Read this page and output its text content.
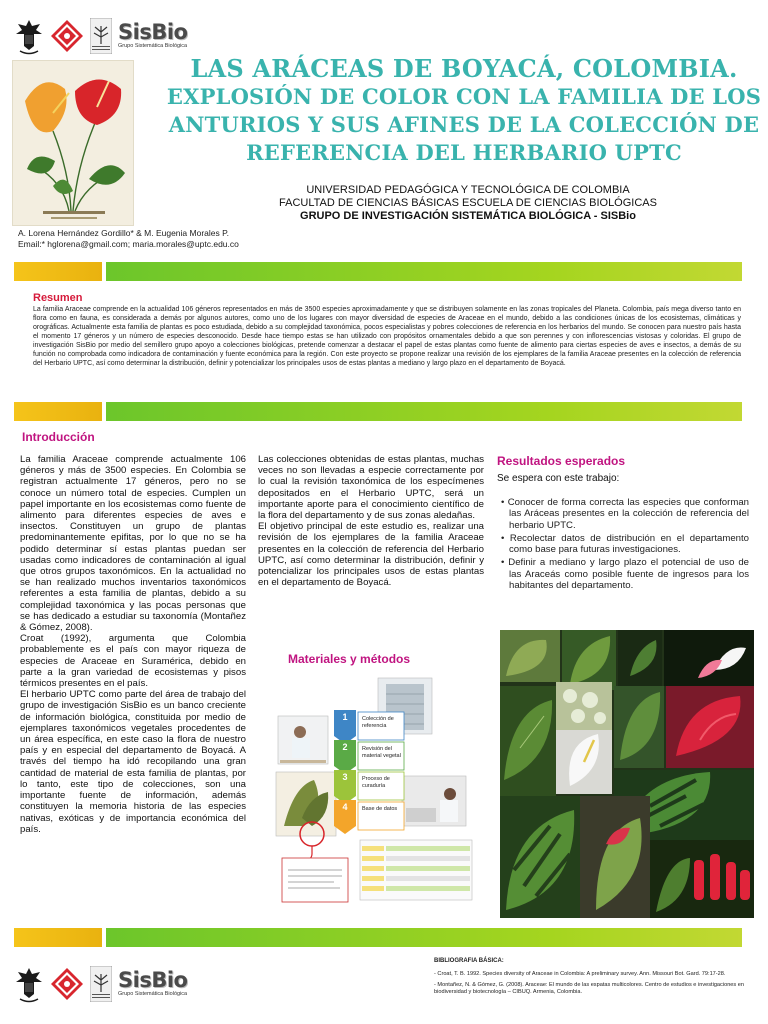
SisBio
Grupo Sistemática Biológica
LAS ARÁCEAS DE BOYACÁ, COLOMBIA.
EXPLOSIÓN DE COLOR CON LA FAMILIA DE LOS
ANTURIOS Y SUS AFINES DE LA COLECCIÓN DE
REFERENCIA DEL HERBARIO UPTC
UNIVERSIDAD PEDAGÓGICA Y TECNOLÓGICA DE COLOMBIA
FACULTAD DE CIENCIAS BÁSICAS ESCUELA DE CIENCIAS BIOLÓGICAS
GRUPO DE INVESTIGACIÓN SISTEMÁTICA BIOLÓGICA - SISBio
A. Lorena Hernández Gordillo* & M. Eugenia Morales P.
Email:* hglorena@gmail.com; maria.morales@uptc.edu.co
Resumen
La familia Araceae comprende en la actualidad 106 géneros representados en más de 3500 especies aproximadamente y que se distribuyen solamente en las zonas tropicales del Planeta. Colombia, país mega diverso tanto en flora como en fauna, es considerada a demás por algunos autores, como uno de los lugares con mayor diversidad de especies de Araceae en el mundo, debido a las condiciones únicas de los ecosistemas, climáticas y orográficas. Actualmente esta familia de plantas es poco estudiada, debido a su complejidad taxonómica, pocos especialistas y pobres colecciones de referencia en los herbarios del mundo. Se conocen para nuestro país hasta el momento 17 géneros y un número de especies desconocido. Desde hace tiempo estas se han utilizado con propósitos ornamentales debido a que son perennes y con inflorescencias vistosas y coloridas. El grupo de investigación SisBio por medio del semillero grupo apoyo a colecciones biológicas, pretende comenzar a destacar el papel de estas plantas como fuente de alimento para ciertas especies de aves e insectos, a demás de su función no comprobada como indicadora de contaminación y fuente económica para la región. Con este proyecto se propone realizar una revisión de los ejemplares de la familia Araceae presentes en la colección de referencia del Herbario UPTC, así como determinar la distribución, definir y potencializar los principales usos de estas plantas a mediano y largo plazo en el departamento de Boyacá.
Introducción

La familia Araceae comprende actualmente 106 géneros y más de 3500 especies. En Colombia se registran actualmente 17 géneros, pero no se conoce un número total de especies. Cumplen un papel importante en los ecosistemas como fuente de alimento para diferentes especies de aves e insectos. Constituyen un grupo de plantas predominantemente epifitas, por lo que no se ha podido determinar sí estas plantas puedan ser usadas como indicadores de contaminación al igual que otros grupos taxonómicos. En la actualidad no se han realizado muchos inventarios taxonómicos referentes a esta familia de plantas, debido a su complejidad taxonómica y las pocas personas que se has dedicado a estudiar su taxonomía (Montañez & Gómez, 2008).

Croat (1992), argumenta que Colombia probablemente es el país con mayor riqueza de especies de Araceae en Suramérica, debido en parte a la gran variedad de ecosistemas y pisos térmicos presentes en el país.

El herbario UPTC como parte del área de trabajo del grupo de investigación SisBio es un banco creciente de información biológica, constituida por medio de ejemplares taxonómicos vegetales procedentes de un área específica, en este caso la flora de nuestro país y en especial del departamento de Boyacá. A través del tiempo ha idó recopilando una gran cantidad de material de esta familia de plantas, por lo tanto, este tipo de colecciones, son una importante fuente de información, además constituyen la memoria historia de las especies nativas, exóticas y de importancia económica del país.

Las colecciones obtenidas de estas plantas, muchas veces no son llevadas a especie correctamente por lo cual la revisión taxonómica de los especímenes depositados en el Herbario UPTC, será un importante aporte para el conocimiento científico de la flora del departamento y de sus zonas aledañas.

El objetivo principal de este estudio es, realizar una revisión de los ejemplares de la familia Araceae presentes en la colección de referencia del Herbario UPTC, así como determinar la distribución, definir y potencializar los principales usos de estas plantas en el departamento de Boyacá.

Materiales y métodos
1
2
3
4
Colección de referencia
Revisión del material vegetal
Proceso de curaduría
Base de datos
Resultados esperados
Se espera con este trabajo:
• Conocer de forma correcta las especies que conforman las Aráceas presentes en la colección de referencia del herbario UPTC.
• Recolectar datos de distribución en el departamento como base para futuras investigaciones.
• Definir a mediano y largo plazo el potencial de uso de las Araceás como posible fuente de ingresos para los habitantes del departamento.
SisBio
Grupo Sistemática Biológica
BIBLIOGRAFIA BÁSICA:

- Croat, T. B. 1992. Species diversity of Araceae in Colombia: A preliminary survey. Ann. Missouri Bot. Gard. 79:17-28.

- Montañez, N. & Gómez, G. (2008). Araceae: El mundo de las espatas multicolores. Centro de estudios e investigaciones en biodiversidad y biotecnología – CIBUQ. Armenia, Colombia.
